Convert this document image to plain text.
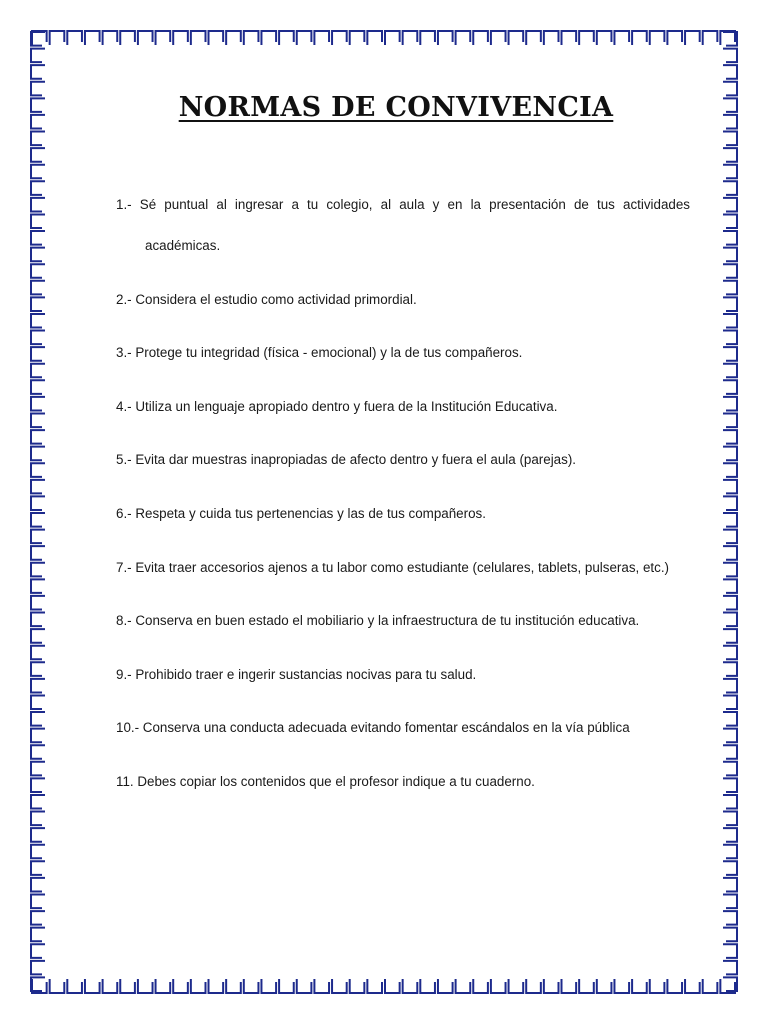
NORMAS DE CONVIVENCIA
1.- Sé puntual al ingresar a tu colegio, al aula y en la presentación de tus actividades
académicas.
2.- Considera el estudio como actividad primordial.
3.- Protege tu integridad (física - emocional) y la de tus compañeros.
4.- Utiliza un lenguaje apropiado dentro y fuera de la Institución Educativa.
5.- Evita dar muestras inapropiadas de afecto dentro y fuera el aula (parejas).
6.- Respeta y cuida tus pertenencias y las de tus compañeros.
7.- Evita traer accesorios ajenos a tu labor como estudiante (celulares, tablets, pulseras, etc.)
8.- Conserva en buen estado el mobiliario y la infraestructura de tu institución educativa.
9.- Prohibido traer e ingerir sustancias nocivas para tu salud.
10.- Conserva una conducta adecuada evitando fomentar escándalos en la vía pública
11. Debes copiar los contenidos que el profesor indique a tu cuaderno.
